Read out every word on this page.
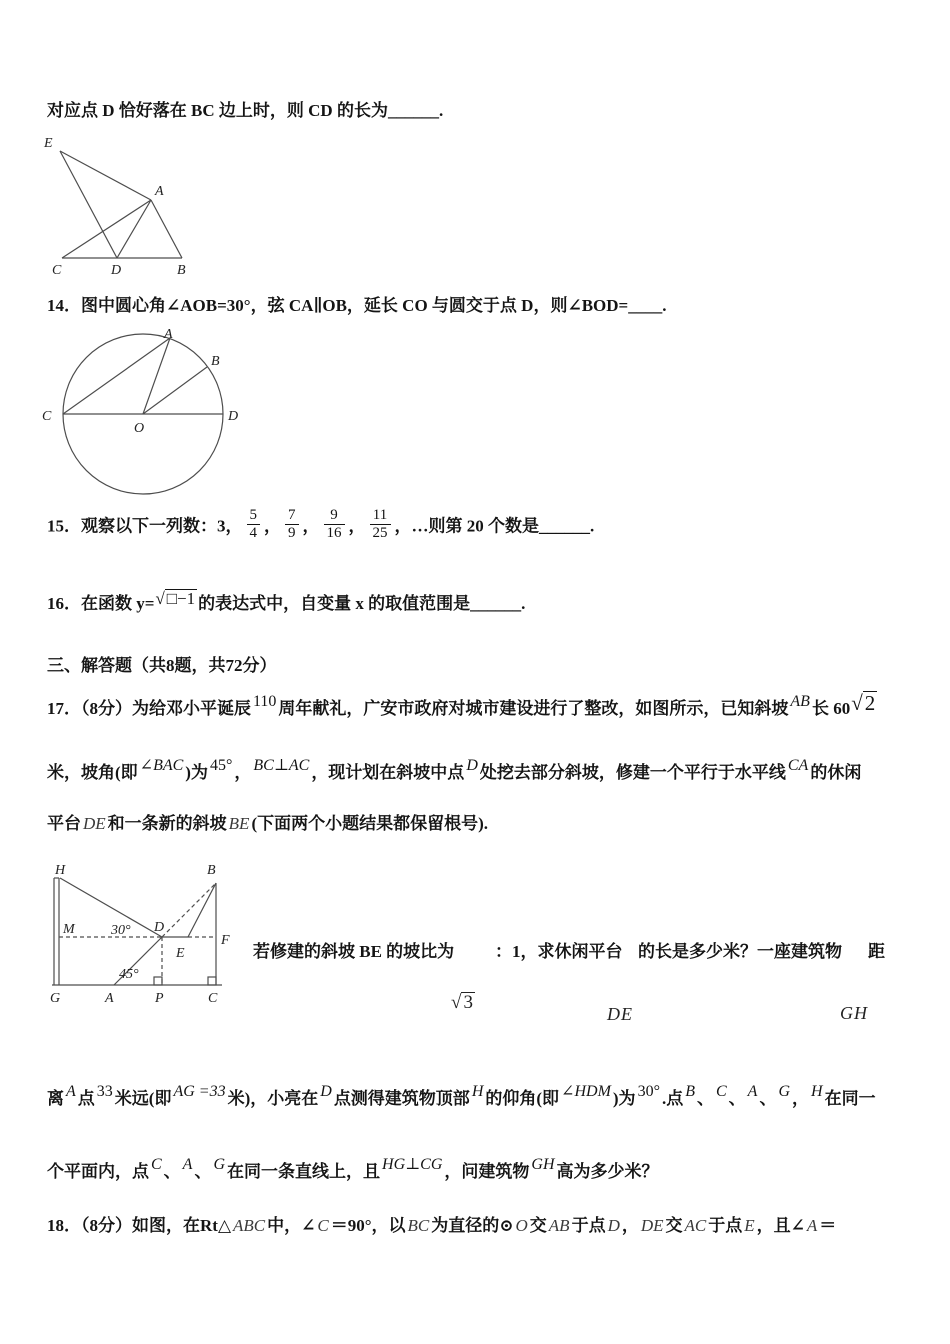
对应点 D 恰好落在 BC 边上时，则 CD 的长为______.
E
A
C	D	B
14．图中圆心角∠AOB=30°，弦 CA∥OB，延长 CO 与圆交于点 D，则∠BOD=____.
C
A
B
O
D
15．观察以下一列数：3， $\frac{5}{4}$ ， $\frac{7}{9}$ ， $\frac{9}{16}$ ， $\frac{11}{25}$ ，…则第 20 个数是______.
16．在函数 y=√ □−1 的表达式中，自变量 x 的取值范围是______.
三、解答题（共8题，共72分）
17．（8分）为给邓小平诞辰 110 周年献礼，广安市政府对城市建设进行了整改，如图所示，已知斜坡 AB 长 60√2
米，坡角(即 ∠BAC )为 45° ， BC⊥AC ，现计划在斜坡中点 D 处挖去部分斜坡，修建一个平行于水平线 CA 的休闲
平台 DE 和一条新的斜坡 BE (下面两个小题结果都保留根号).
H	B
M	30° D
F
E
45°
G	A	P	C
若修建的斜坡 BE 的坡比为 ：1，求休闲平台 的长是多少米？一座建筑物 距
√ 3
DE	GH
离 A 点 33 米远(即 AG =33 米)，小亮在 D 点测得建筑物顶部 H 的仰角(即 ∠HDM )为 30° .点 B 、 C 、 A 、 G ， H 在同一
个平面内，点 C 、 A 、 G 在同一条直线上，且 HG⊥CG ，问建筑物 GH 高为多少米？
18．（8分）如图，在Rt△ ABC 中，∠ C ＝90°，以 BC 为直径的⊙ O 交 AB 于点 D ， DE 交 AC 于点 E ，且∠ A ＝
